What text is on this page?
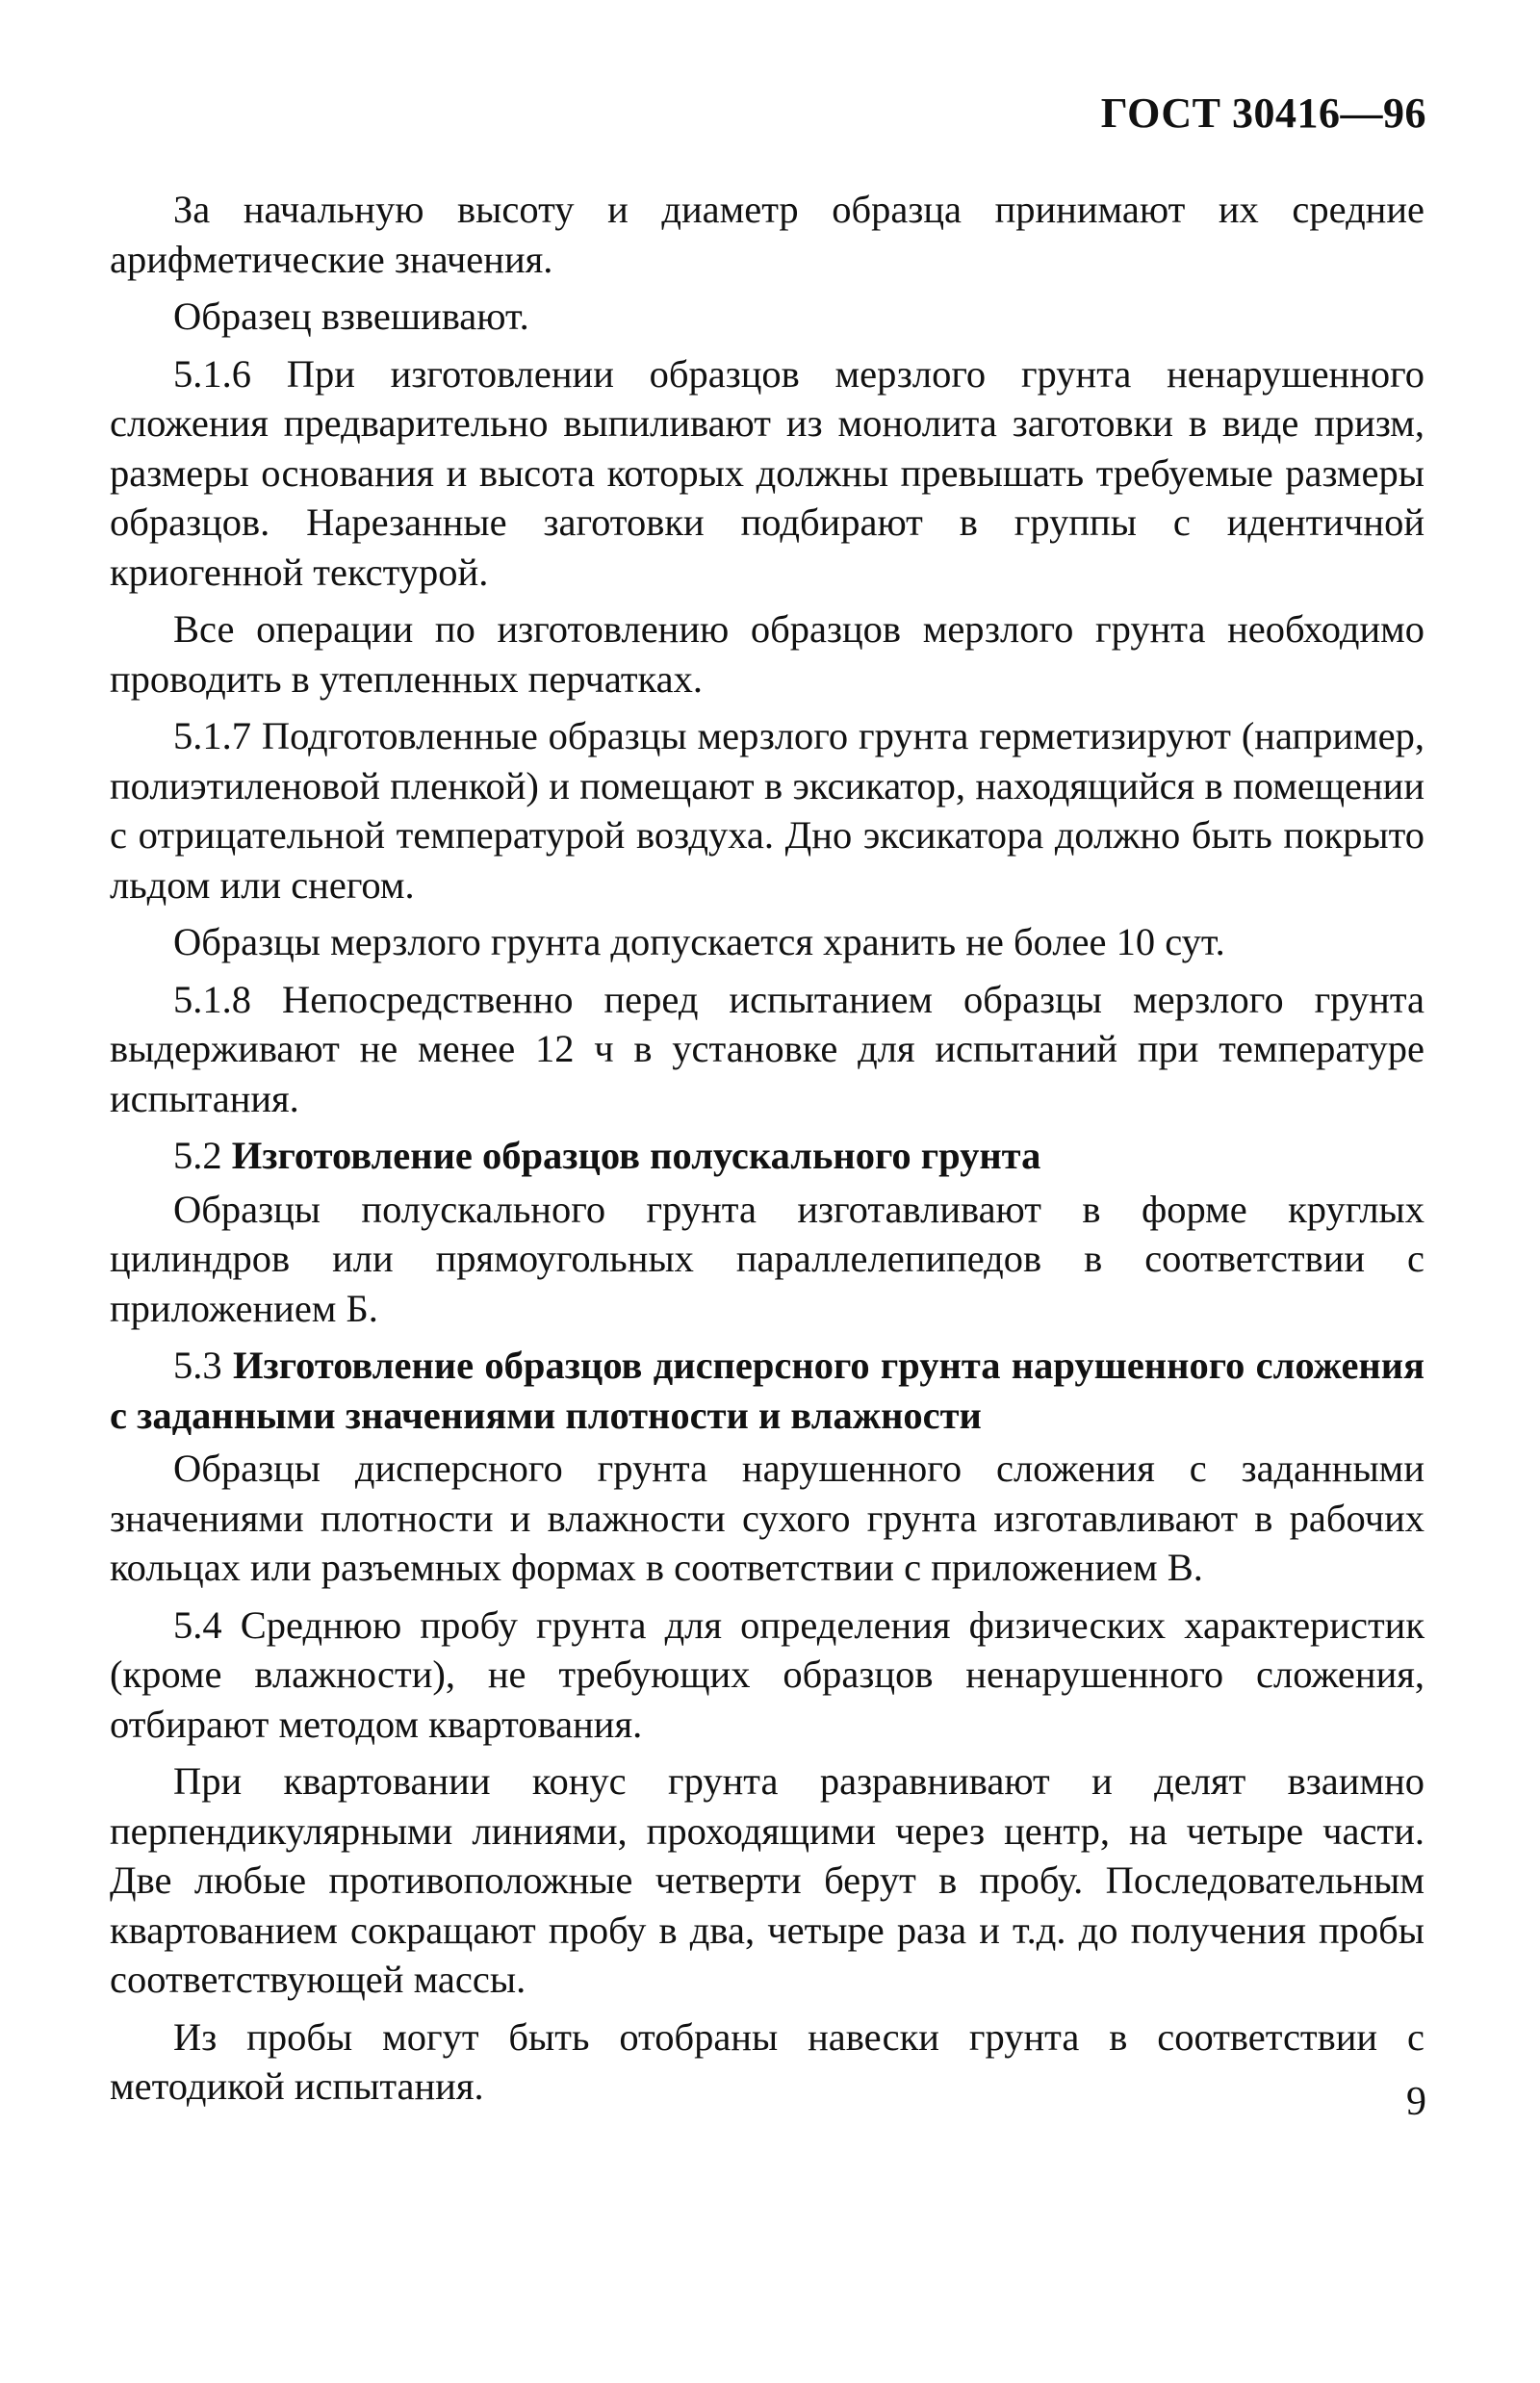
ГОСТ 30416—96

За начальную высоту и диаметр образца принимают их средние арифметические значения.

Образец взвешивают.

5.1.6 При изготовлении образцов мерзлого грунта ненарушенного сложения предварительно выпиливают из монолита заготовки в виде призм, размеры основания и высота которых должны превышать требуемые размеры образцов. Нарезанные заготовки подбирают в группы с идентичной криогенной текстурой.

Все операции по изготовлению образцов мерзлого грунта необходимо проводить в утепленных перчатках.

5.1.7 Подготовленные образцы мерзлого грунта герметизируют (например, полиэтиленовой пленкой) и помещают в эксикатор, находящийся в помещении с отрицательной температурой воздуха. Дно эксикатора должно быть покрыто льдом или снегом.

Образцы мерзлого грунта допускается хранить не более 10 сут.

5.1.8 Непосредственно перед испытанием образцы мерзлого грунта выдерживают не менее 12 ч в установке для испытаний при температуре испытания.

5.2 Изготовление образцов полускального грунта

Образцы полускального грунта изготавливают в форме круглых цилиндров или прямоугольных параллелепипедов в соответствии с приложением Б.

5.3 Изготовление образцов дисперсного грунта нарушенного сложения с заданными значениями плотности и влажности

Образцы дисперсного грунта нарушенного сложения с заданными значениями плотности и влажности сухого грунта изготавливают в рабочих кольцах или разъемных формах в соответствии с приложением В.

5.4 Среднюю пробу грунта для определения физических характеристик (кроме влажности), не требующих образцов ненарушенного сложения, отбирают методом квартования.

При квартовании конус грунта разравнивают и делят взаимно перпендикулярными линиями, проходящими через центр, на четыре части. Две любые противоположные четверти берут в пробу. Последовательным квартованием сокращают пробу в два, четыре раза и т.д. до получения пробы соответствующей массы.

Из пробы могут быть отобраны навески грунта в соответствии с методикой испытания.	9
